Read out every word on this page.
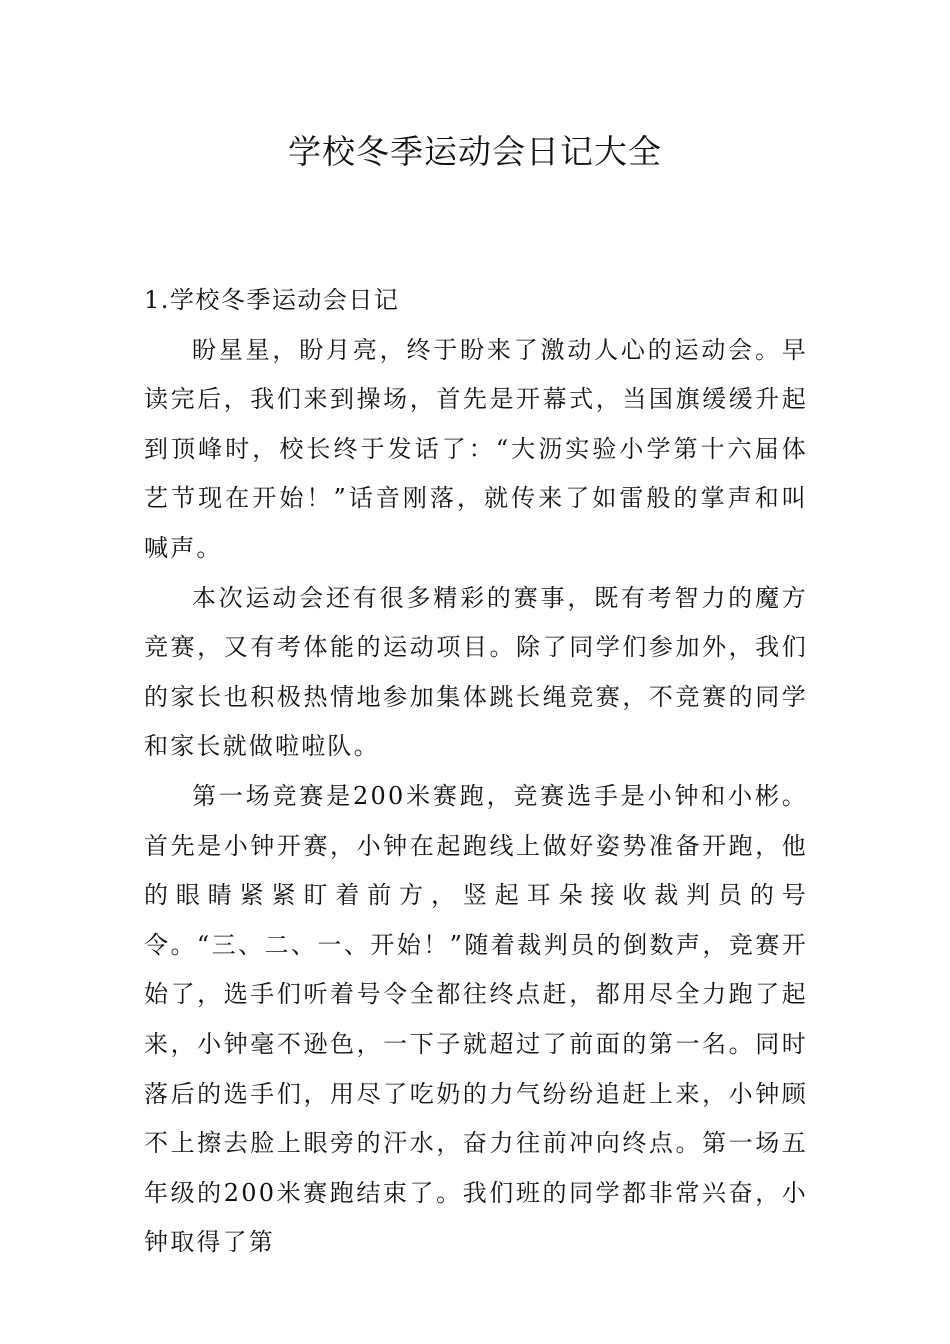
学校冬季运动会日记大全
1.学校冬季运动会日记

盼星星，盼月亮，终于盼来了激动人心的运动会。早读完后，我们来到操场，首先是开幕式，当国旗缓缓升起到顶峰时，校长终于发话了：“大沥实验小学第十六届体艺节现在开始！”话音刚落，就传来了如雷般的掌声和叫喊声。

本次运动会还有很多精彩的赛事，既有考智力的魔方竞赛，又有考体能的运动项目。除了同学们参加外，我们的家长也积极热情地参加集体跳长绳竞赛，不竞赛的同学和家长就做啦啦队。

第一场竞赛是200米赛跑，竞赛选手是小钟和小彬。首先是小钟开赛，小钟在起跑线上做好姿势准备开跑，他的眼睛紧紧盯着前方，竖起耳朵接收裁判员的号令。“三、二、一、开始！”随着裁判员的倒数声，竞赛开始了，选手们听着号令全都往终点赶，都用尽全力跑了起来，小钟毫不逊色，一下子就超过了前面的第一名。同时落后的选手们，用尽了吃奶的力气纷纷追赶上来，小钟顾不上擦去脸上眼旁的汗水，奋力往前冲向终点。第一场五年级的200米赛跑结束了。我们班的同学都非常兴奋，小钟取得了第
